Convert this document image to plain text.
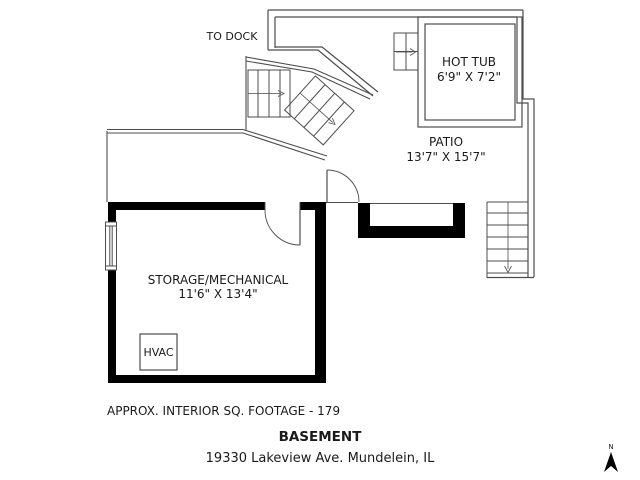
TO DOCK
HOT TUB
6'9" X 7'2"
PATIO
13'7" X 15'7"
STORAGE/MECHANICAL
11'6" X 13'4"
HVAC
APPROX. INTERIOR SQ. FOOTAGE - 179
BASEMENT
19330 Lakeview Ave. Mundelein, IL
N
